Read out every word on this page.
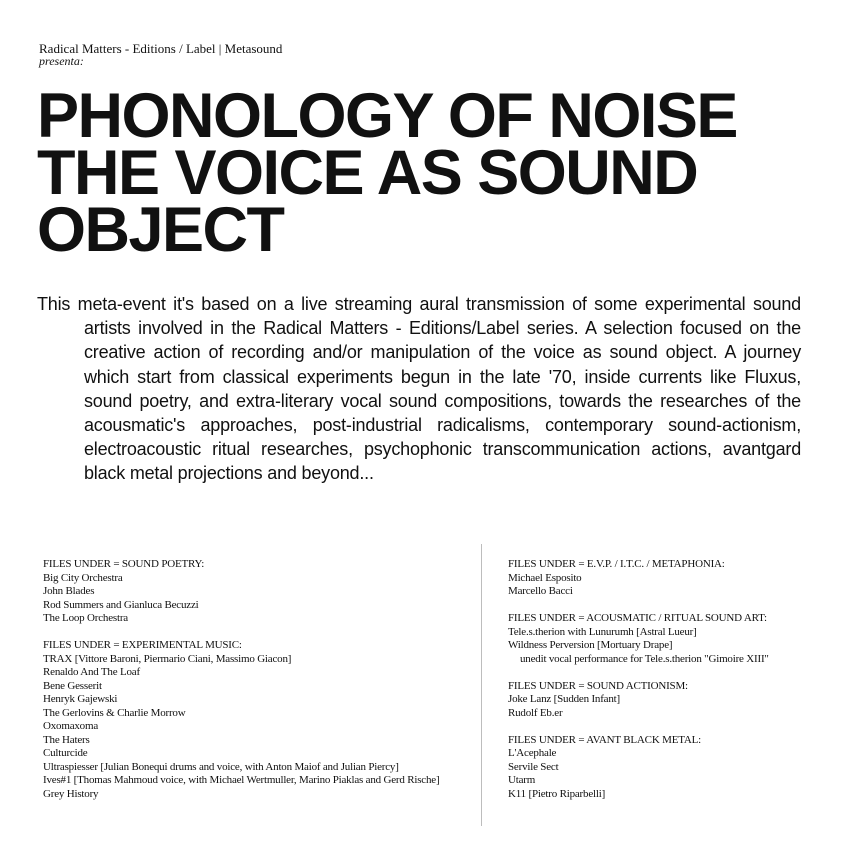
Radical Matters - Editions / Label | Metasound
presenta:
PHONOLOGY OF NOISE
THE VOICE AS SOUND
OBJECT
This meta-event it's based on a live streaming aural transmission of some experimental sound artists involved in the Radical Matters - Editions/Label series. A selection focused on the creative action of recording and/or manipulation of the voice as sound object. A journey which start from classical experiments begun in the late '70, inside currents like Fluxus, sound poetry, and extra-literary vocal sound compositions, towards the researches of the acousmatic's approaches, post-industrial radicalisms, contemporary sound-actionism, electroacoustic ritual researches, psychophonic transcommunication actions, avantgard black metal projections and beyond...
FILES UNDER = SOUND POETRY:
Big City Orchestra
John Blades
Rod Summers and Gianluca Becuzzi
The Loop Orchestra
FILES UNDER = EXPERIMENTAL MUSIC:
TRAX [Vittore Baroni, Piermario Ciani, Massimo Giacon]
Renaldo And The Loaf
Bene Gesserit
Henryk Gajewski
The Gerlovins & Charlie Morrow
Oxomaxoma
The Haters
Culturcide
Ultraspiesser [Julian Bonequi drums and voice, with Anton Maiof and Julian Piercy]
Ives#1 [Thomas Mahmoud voice, with Michael Wertmuller, Marino Piaklas and Gerd Rische]
Grey History
FILES UNDER = E.V.P. / I.T.C. / METAPHONIA:
Michael Esposito
Marcello Bacci
FILES UNDER = ACOUSMATIC / RITUAL SOUND ART:
Tele.s.therion with Lunurumh [Astral Lueur]
Wildness Perversion [Mortuary Drape]
unedit vocal performance for Tele.s.therion "Gimoire XIII"
FILES UNDER = SOUND ACTIONISM:
Joke Lanz [Sudden Infant]
Rudolf Eb.er
FILES UNDER = AVANT BLACK METAL:
L'Acephale
Servile Sect
Utarm
K11 [Pietro Riparbelli]
